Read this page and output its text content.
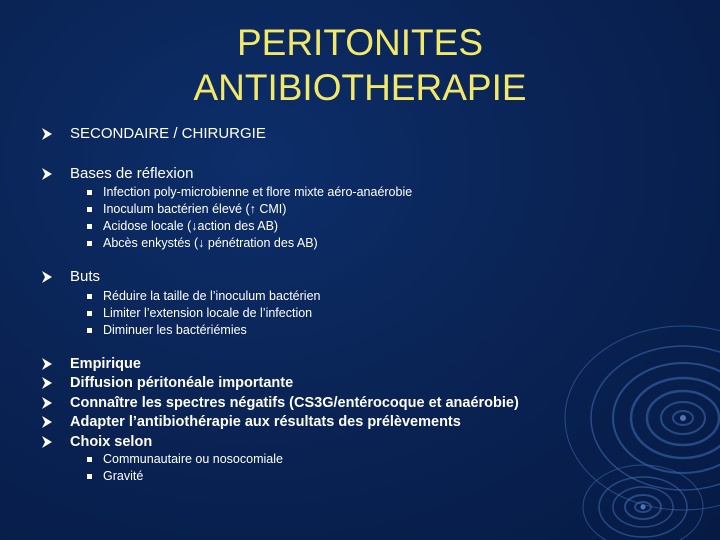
PERITONITES
ANTIBIOTHERAPIE
SECONDAIRE / CHIRURGIE
Bases de réflexion
Infection poly-microbienne et flore mixte aéro-anaérobie
Inoculum bactérien élevé (↑ CMI)
Acidose locale (↓action des AB)
Abcès enkystés (↓ pénétration des AB)
Buts
Réduire la taille de l’inoculum bactérien
Limiter l’extension locale de l’infection
Diminuer les bactériémies
Empirique
Diffusion péritonéale importante
Connaître les spectres négatifs (CS3G/entérocoque et anaérobie)
Adapter l’antibiothérapie aux résultats des prélèvements
Choix selon
Communautaire ou nosocomiale
Gravité
